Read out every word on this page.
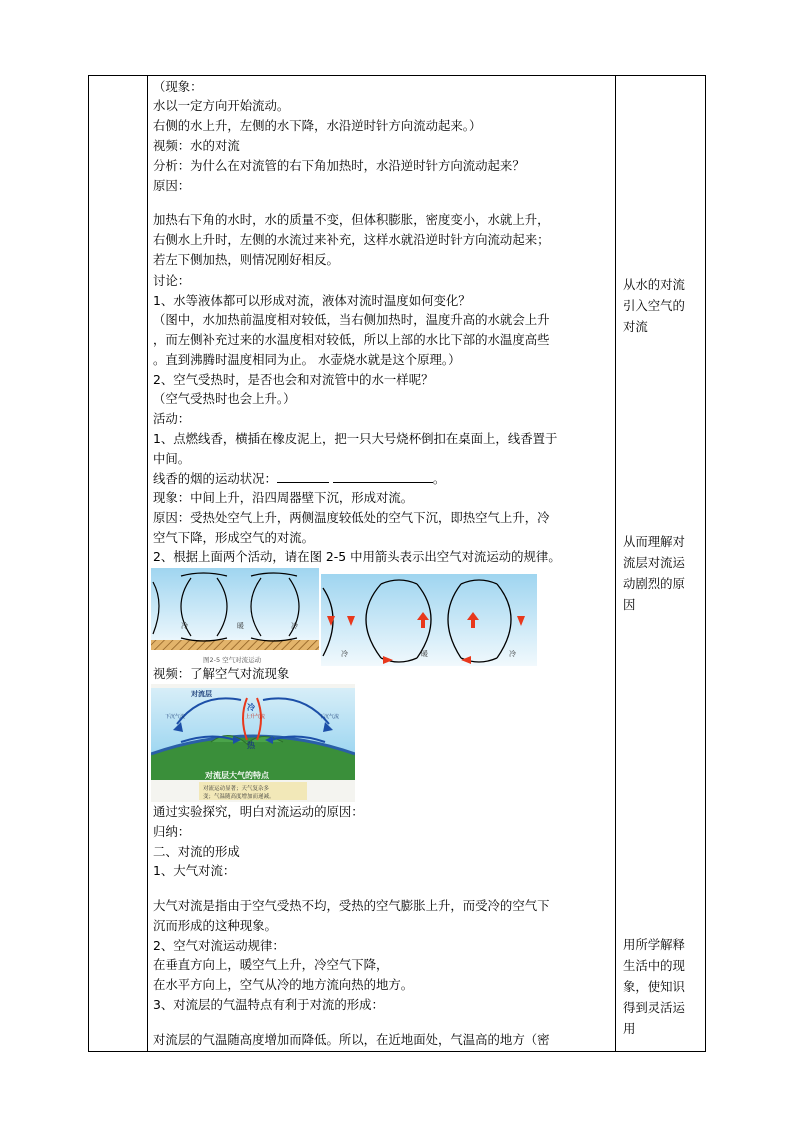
（现象：
水以一定方向开始流动。
右侧的水上升，左侧的水下降，水沿逆时针方向流动起来。）
视频：水的对流
分析：为什么在对流管的右下角加热时，水沿逆时针方向流动起来？
原因：
加热右下角的水时，水的质量不变，但体积膨胀，密度变小，水就上升，
右侧水上升时，左侧的水流过来补充，这样水就沿逆时针方向流动起来；
若左下侧加热，则情况刚好相反。
讨论：
1、水等液体都可以形成对流，液体对流时温度如何变化？
（图中，水加热前温度相对较低，当右侧加热时，温度升高的水就会上升
，而左侧补充过来的水温度相对较低，所以上部的水比下部的水温度高些
。直到沸腾时温度相同为止。 水壶烧水就是这个原理。）
2、空气受热时，是否也会和对流管中的水一样呢？
（空气受热时也会上升。）
活动：
1、点燃线香，横插在橡皮泥上，把一只大号烧杯倒扣在桌面上，线香置于
中间。
线香的烟的运动状况：	。
现象：中间上升，沿四周器壁下沉，形成对流。
原因：受热处空气上升，两侧温度较低处的空气下沉，即热空气上升，冷
空气下降，形成空气的对流。
2、根据上面两个活动，请在图 2-5 中用箭头表示出空气对流运动的规律。
冷	暖	冷
图2-5 空气对流运动
冷	暖	冷
视频：了解空气对流现象
对流层
冷
上升气流
下沉气流	下沉气流
热
对流层大气的特点
对流运动显著；天气复杂多
变；气温随高度增加而递减。
通过实验探究，明白对流运动的原因：
归纳：
二、对流的形成
1、大气对流：
大气对流是指由于空气受热不均，受热的空气膨胀上升，而受冷的空气下
沉而形成的这种现象。
2、空气对流运动规律：
在垂直方向上，暖空气上升，冷空气下降，
在水平方向上，空气从冷的地方流向热的地方。
3、对流层的气温特点有利于对流的形成：
对流层的气温随高度增加而降低。所以，在近地面处，气温高的地方（密
从水的对流
引入空气的
对流
从而理解对
流层对流运
动剧烈的原
因
用所学解释
生活中的现
象，使知识
得到灵活运
用
